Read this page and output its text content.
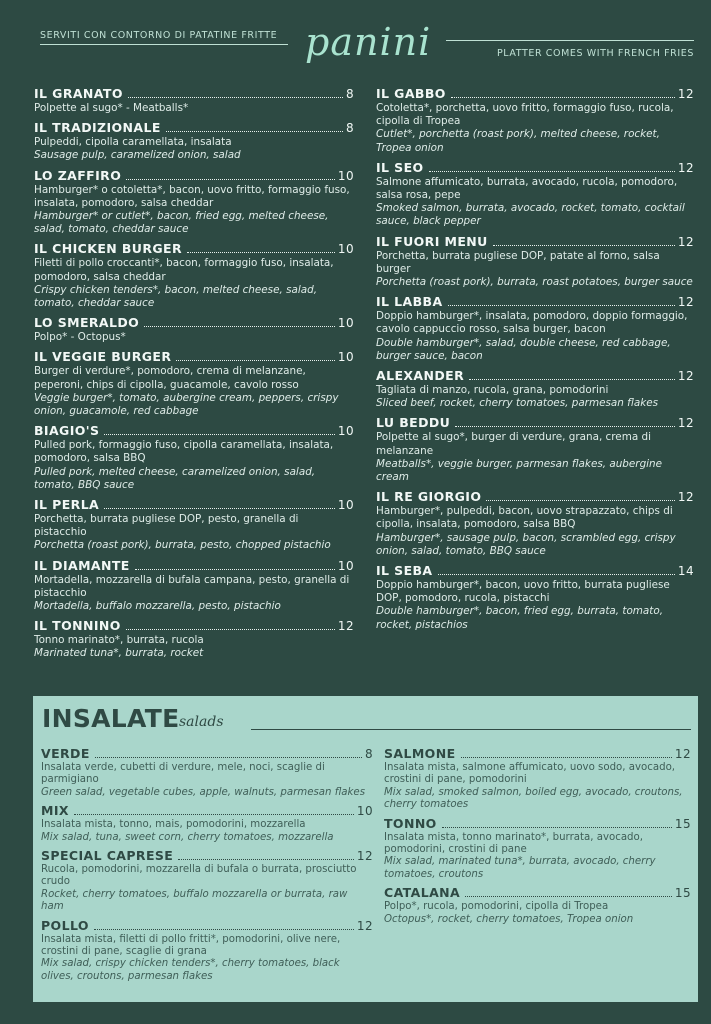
SERVITI CON CONTORNO DI PATATINE FRITTE panini	PLATTER COMES WITH FRENCH FRIES
IL GRANATO	8
Polpette al sugo* - Meatballs*
IL TRADIZIONALE	8
Pulpeddi, cipolla caramellata, insalata
Sausage pulp, caramelized onion, salad
LO ZAFFIRO	10
Hamburger* o cotoletta*, bacon, uovo fritto, formaggio fuso, insalata, pomodoro, salsa cheddar
Hamburger* or cutlet*, bacon, fried egg, melted cheese, salad, tomato, cheddar sauce
IL CHICKEN BURGER	10
Filetti di pollo croccanti*, bacon, formaggio fuso, insalata, pomodoro, salsa cheddar
Crispy chicken tenders*, bacon, melted cheese, salad, tomato, cheddar sauce
LO SMERALDO	10
Polpo* - Octopus*
IL VEGGIE BURGER	10
Burger di verdure*, pomodoro, crema di melanzane, peperoni, chips di cipolla, guacamole, cavolo rosso
Veggie burger*, tomato, aubergine cream, peppers, crispy onion, guacamole, red cabbage
BIAGIO'S	10
Pulled pork, formaggio fuso, cipolla caramellata, insalata, pomodoro, salsa BBQ
Pulled pork, melted cheese, caramelized onion, salad, tomato, BBQ sauce
IL PERLA	10
Porchetta, burrata pugliese DOP, pesto, granella di pistacchio
Porchetta (roast pork), burrata, pesto, chopped pistachio
IL DIAMANTE	10
Mortadella, mozzarella di bufala campana, pesto, granella di pistacchio
Mortadella, buffalo mozzarella, pesto, pistachio
IL TONNINO	12
Tonno marinato*, burrata, rucola
Marinated tuna*, burrata, rocket
IL GABBO	12
Cotoletta*, porchetta, uovo fritto, formaggio fuso, rucola, cipolla di Tropea
Cutlet*, porchetta (roast pork), melted cheese, rocket, Tropea onion
IL SEO	12
Salmone affumicato, burrata, avocado, rucola, pomodoro, salsa rosa, pepe
Smoked salmon, burrata, avocado, rocket, tomato, cocktail sauce, black pepper
IL FUORI MENU	12
Porchetta, burrata pugliese DOP, patate al forno, salsa burger
Porchetta (roast pork), burrata, roast potatoes, burger sauce
IL LABBA	12
Doppio hamburger*, insalata, pomodoro, doppio formaggio, cavolo cappuccio rosso, salsa burger, bacon
Double hamburger*, salad, double cheese, red cabbage, burger sauce, bacon
ALEXANDER	12
Tagliata di manzo, rucola, grana, pomodorini
Sliced beef, rocket, cherry tomatoes, parmesan flakes
LU BEDDU	12
Polpette al sugo*, burger di verdure, grana, crema di melanzane
Meatballs*, veggie burger, parmesan flakes, aubergine cream
IL RE GIORGIO	12
Hamburger*, pulpeddi, bacon, uovo strapazzato, chips di cipolla, insalata, pomodoro, salsa BBQ
Hamburger*, sausage pulp, bacon, scrambled egg, crispy onion, salad, tomato, BBQ sauce
IL SEBA	14
Doppio hamburger*, bacon, uovo fritto, burrata pugliese DOP, pomodoro, rucola, pistacchi
Double hamburger*, bacon, fried egg, burrata, tomato, rocket, pistachios
INSALATE salads
VERDE	8
Insalata verde, cubetti di verdure, mele, noci, scaglie di parmigiano
Green salad, vegetable cubes, apple, walnuts, parmesan flakes
MIX	10
Insalata mista, tonno, mais, pomodorini, mozzarella
Mix salad, tuna, sweet corn, cherry tomatoes, mozzarella
SPECIAL CAPRESE	12
Rucola, pomodorini, mozzarella di bufala o burrata, prosciutto crudo
Rocket, cherry tomatoes, buffalo mozzarella or burrata, raw ham
POLLO	12
Insalata mista, filetti di pollo fritti*, pomodorini, olive nere, crostini di pane, scaglie di grana
Mix salad, crispy chicken tenders*, cherry tomatoes, black olives, croutons, parmesan flakes
SALMONE	12
Insalata mista, salmone affumicato, uovo sodo, avocado, crostini di pane, pomodorini
Mix salad, smoked salmon, boiled egg, avocado, croutons, cherry tomatoes
TONNO	15
Insalata mista, tonno marinato*, burrata, avocado, pomodorini, crostini di pane
Mix salad, marinated tuna*, burrata, avocado, cherry tomatoes, croutons
CATALANA	15
Polpo*, rucola, pomodorini, cipolla di Tropea
Octopus*, rocket, cherry tomatoes, Tropea onion
